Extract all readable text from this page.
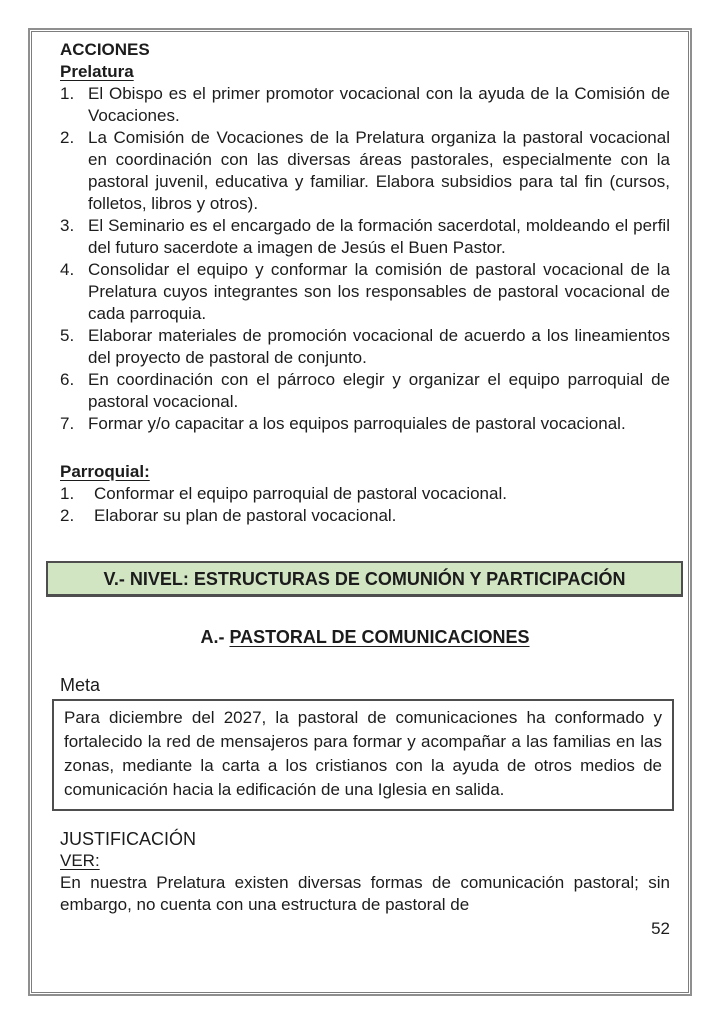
ACCIONES
Prelatura
1. El Obispo es el primer promotor vocacional con la ayuda de la Comisión de Vocaciones.
2. La Comisión de Vocaciones de la Prelatura organiza la pastoral vocacional en coordinación con las diversas áreas pastorales, especialmente con la pastoral juvenil, educativa y familiar. Elabora subsidios para tal fin (cursos, folletos, libros y otros).
3. El Seminario es el encargado de la formación sacerdotal, moldeando el perfil del futuro sacerdote a imagen de Jesús el Buen Pastor.
4. Consolidar el equipo y conformar la comisión de pastoral vocacional de la Prelatura cuyos integrantes son los responsables de pastoral vocacional de cada parroquia.
5. Elaborar materiales de promoción vocacional de acuerdo a los lineamientos del proyecto de pastoral de conjunto.
6. En coordinación con el párroco elegir y organizar el equipo parroquial de pastoral vocacional.
7. Formar y/o capacitar a los equipos parroquiales de pastoral vocacional.
Parroquial:
1.	Conformar el equipo parroquial de pastoral vocacional.
2.	Elaborar su plan de pastoral vocacional.
V.- NIVEL: ESTRUCTURAS DE COMUNIÓN Y PARTICIPACIÓN
A.- PASTORAL DE COMUNICACIONES
Meta
Para diciembre del 2027, la pastoral de comunicaciones ha conformado y fortalecido la red de mensajeros para formar y acompañar a las familias en las zonas, mediante la carta a los cristianos con la ayuda de otros medios de comunicación hacia la edificación de una Iglesia en salida.
JUSTIFICACIÓN
VER:

En nuestra Prelatura existen diversas formas de comunicación pastoral; sin embargo, no cuenta con una estructura de pastoral de

52
